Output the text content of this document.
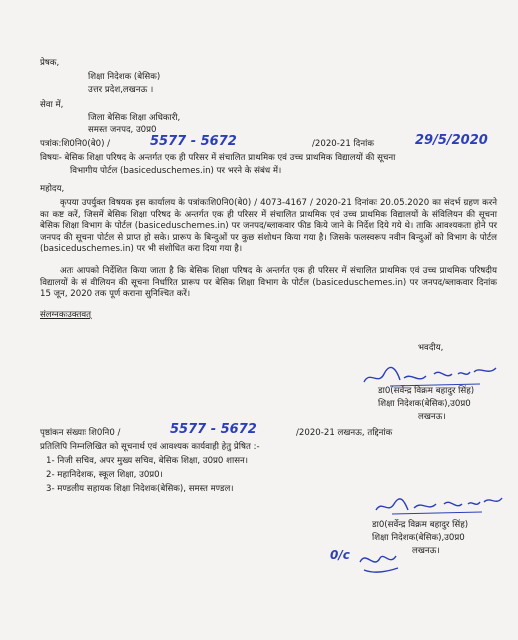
प्रेषक,
शिक्षा निदेशक (बेसिक)
उत्तर प्रदेश,लखनऊ ।
सेवा में,
जिला बेसिक शिक्षा अधिकारी,
समस्त जनपद, उ0प्र0
पत्रांक:शि0नि0(बे0) /	5577 - 5672	/2020-21 दिनांक	29/5/2020
विषयः- बेसिक शिक्षा परिषद के अन्तर्गत एक ही परिसर में संचालित प्राथमिक एवं उच्च प्राथमिक विद्यालयों की सूचना
विभागीय पोर्टल (basiceduschemes.in) पर भरने के संबंध में।
महोदय,
कृपया उपर्युक्त विषयक इस कार्यालय के पत्रांकःशि0नि0(बे0) / 4073-4167 / 2020-21 दिनांकः 20.05.2020 का संदर्भ ग्रहण करने का कष्ट करें, जिसमें बेसिक शिक्षा परिषद के अन्तर्गत एक ही परिसर में संचालित प्राथमिक एवं उच्च प्राथमिक विद्यालयों के संविलियन की सूचना बेसिक शिक्षा विभाग के पोर्टल (basiceduschemes.in) पर जनपद/ब्लाकवार फीड किये जाने के निर्देश दिये गये थे। ताकि आवश्यकता होने पर जनपद की सूचना पोर्टल से प्राप्त हो सके। प्रारूप के बिन्दुओं पर कुछ संशोधन किया गया है। जिसके फलस्वरूप नवीन बिन्दुओं को विभाग के पोर्टल (basiceduschemes.in) पर भी संशोधित करा दिया गया है।
अतः आपको निर्देशित किया जाता है कि बेसिक शिक्षा परिषद के अन्तर्गत एक ही परिसर में संचालित प्राथमिक एवं उच्च प्राथमिक परिषदीय विद्यालयों के सं वीलियन की सूचना निर्धारित प्रारूप पर बेसिक शिक्षा विभाग के पोर्टल (basiceduschemes.in) पर जनपद/ब्लाकवार दिनांक 15 जून, 2020 तक पूर्ण कराना सुनिश्चित करें।
संलग्नकःउक्तवत्
भवदीय,
डा0(सर्वेन्द्र विक्रम बहादुर सिंह)
शिक्षा निदेशक(बेसिक),उ0प्र0
लखनऊ।
पृष्ठांकन संख्याः शि0नि0 /	5577 - 5672	/2020-21 लखनऊ, तद्दिनांक
प्रतिलिपि निम्नलिखित को सूचनार्थ एवं आवश्यक कार्यवाही हेतु प्रेषित :-
1- निजी सचिव, अपर मुख्य सचिव, बेसिक शिक्षा, उ0प्र0 शासन।
2- महानिदेशक, स्कूल शिक्षा, उ0प्र0।
3- मण्डलीय सहायक शिक्षा निदेशक(बेसिक), समस्त मण्डल।
डा0(सर्वेन्द्र विक्रम बहादुर सिंह)
शिक्षा निदेशक(बेसिक),उ0प्र0
लखनऊ।
0/c
